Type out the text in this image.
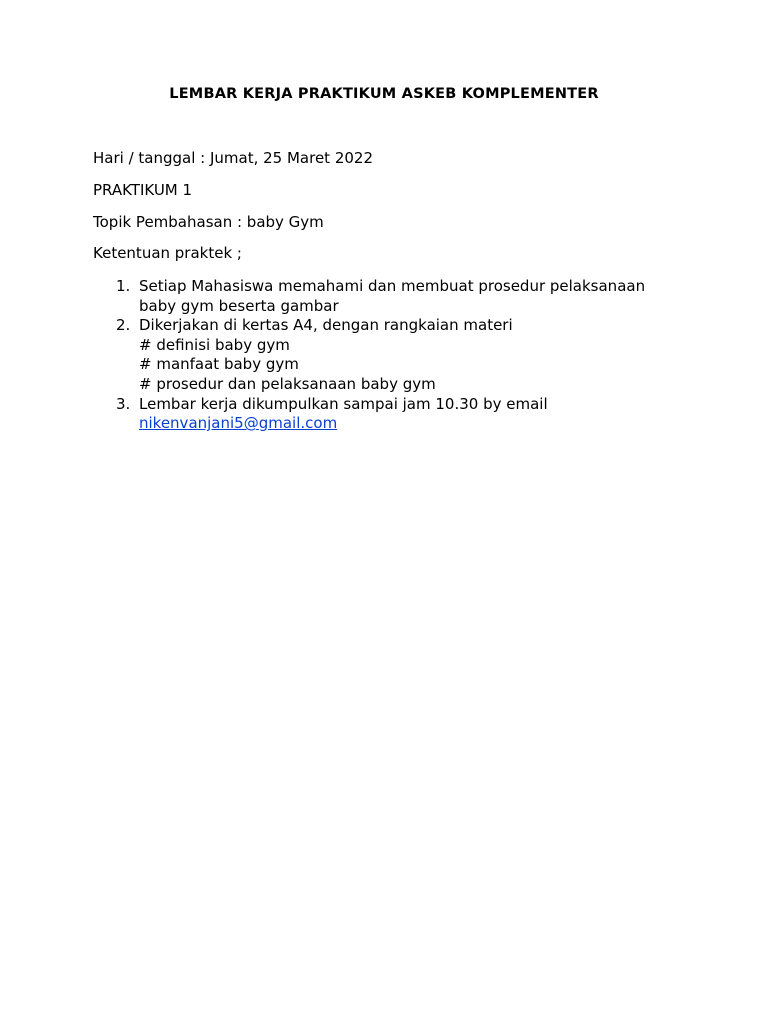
LEMBAR KERJA PRAKTIKUM ASKEB KOMPLEMENTER

Hari / tanggal : Jumat, 25 Maret 2022

PRAKTIKUM 1

Topik Pembahasan : baby Gym

Ketentuan praktek ;

1. Setiap Mahasiswa memahami dan membuat prosedur pelaksanaan
baby gym beserta gambar
2. Dikerjakan di kertas A4, dengan rangkaian materi
# definisi baby gym
# manfaat baby gym
# prosedur dan pelaksanaan baby gym
3. Lembar kerja dikumpulkan sampai jam 10.30 by email
nikenvanjani5@gmail.com
